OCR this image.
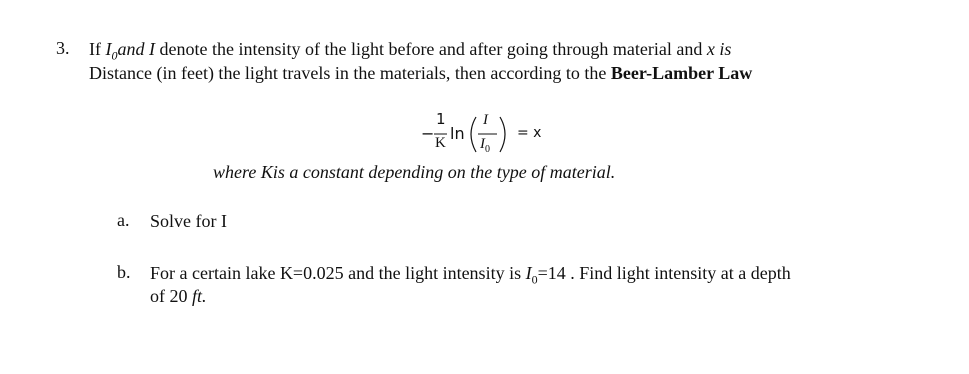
3. If $I_0and$ I denote the intensity of the light before and after going through material and x is
Distance (in feet) the light travels in the materials, then according to the Beer-Lamber Law
−
1
K ln
I
$I_0$
= x
where Kis a constant depending on the type of material.
a. Solve for I
b. For a certain lake K=0.025 and the light intensity is $I_0=14$ . Find light intensity at a depth
of 20 ft.
